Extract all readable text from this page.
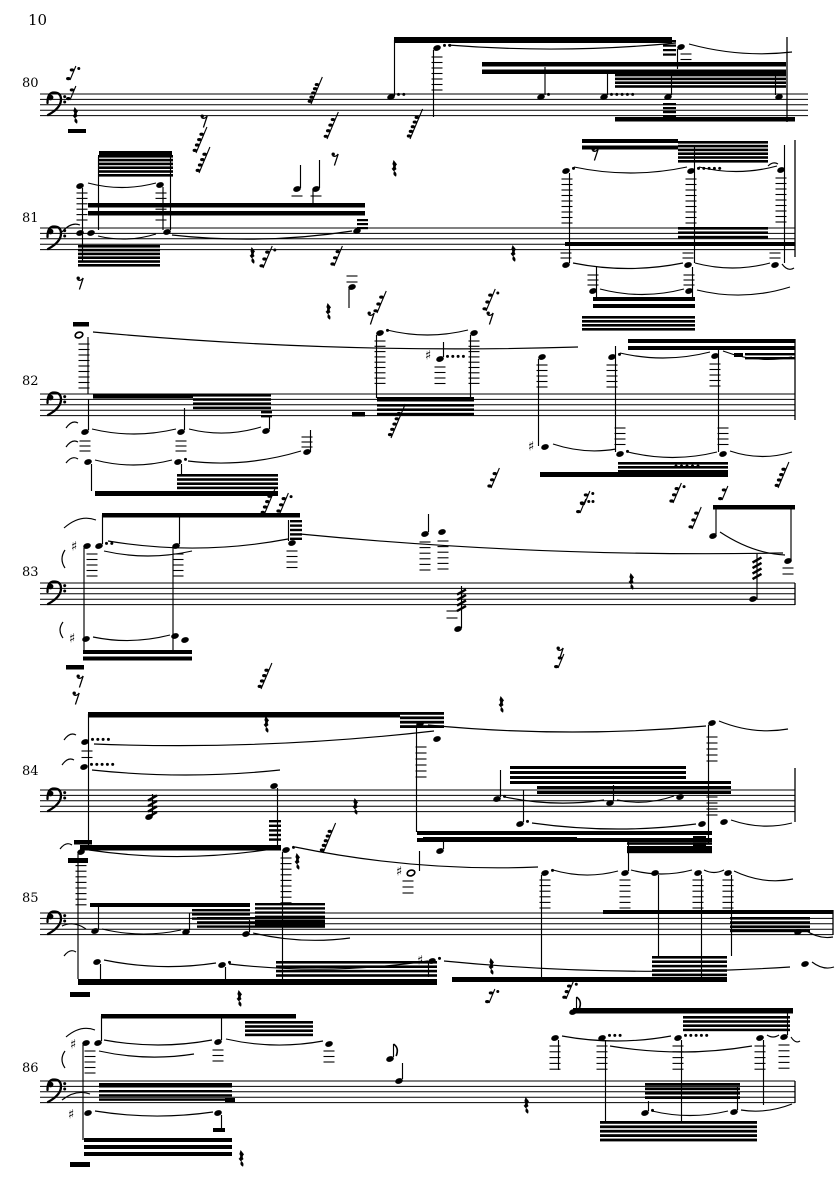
10
80
81
82
♯
♯
83
♯
♯
84
85
♯
♯
86
♯
♯
